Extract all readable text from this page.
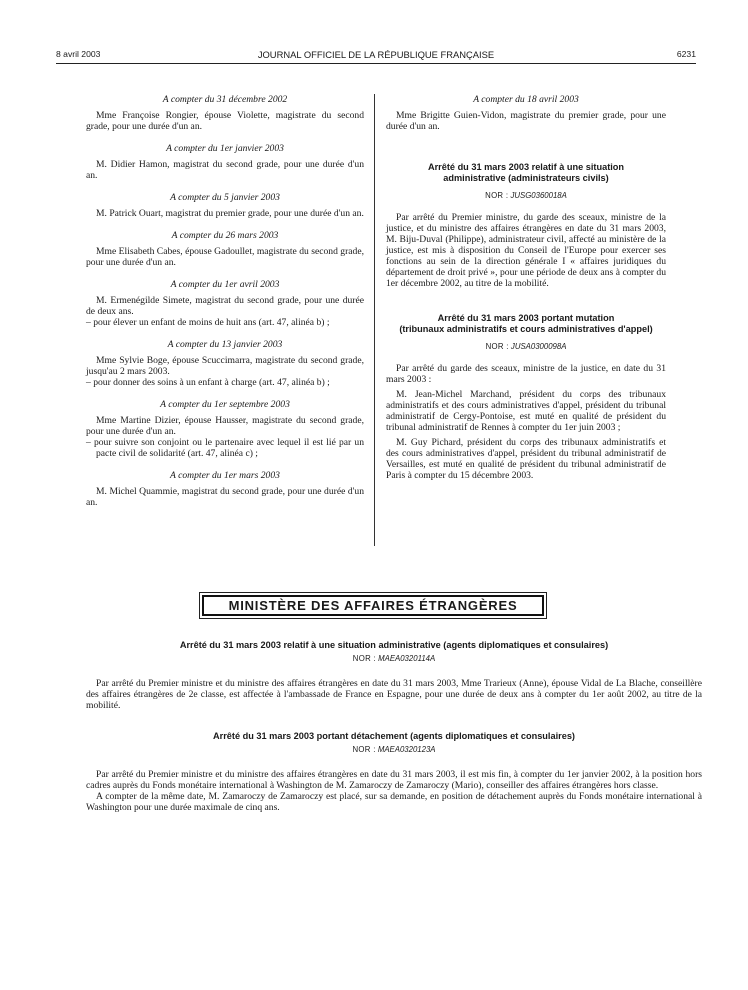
8 avril 2003	JOURNAL OFFICIEL DE LA RÉPUBLIQUE FRANÇAISE	6231

A compter du 31 décembre 2002

Mme Françoise Rongier, épouse Violette, magistrate du second grade, pour une durée d'un an.

A compter du 1er janvier 2003

M. Didier Hamon, magistrat du second grade, pour une durée d'un an.

A compter du 5 janvier 2003

M. Patrick Ouart, magistrat du premier grade, pour une durée d'un an.

A compter du 26 mars 2003

Mme Elisabeth Cabes, épouse Gadoullet, magistrate du second grade, pour une durée d'un an.

A compter du 1er avril 2003

M. Ermenégilde Simete, magistrat du second grade, pour une durée de deux ans.

– pour élever un enfant de moins de huit ans (art. 47, alinéa b) ;

A compter du 13 janvier 2003

Mme Sylvie Boge, épouse Scuccimarra, magistrate du second grade, jusqu'au 2 mars 2003.

– pour donner des soins à un enfant à charge (art. 47, alinéa b) ;

A compter du 1er septembre 2003

Mme Martine Dizier, épouse Hausser, magistrate du second grade, pour une durée d'un an.

– pour suivre son conjoint ou le partenaire avec lequel il est lié par un pacte civil de solidarité (art. 47, alinéa c) ;

A compter du 1er mars 2003

M. Michel Quammie, magistrat du second grade, pour une durée d'un an.

A compter du 18 avril 2003

Mme Brigitte Guien-Vidon, magistrate du premier grade, pour une durée d'un an.

Arrêté du 31 mars 2003 relatif à une situation

administrative (administrateurs civils)

NOR : JUSG0360018A

Par arrêté du Premier ministre, du garde des sceaux, ministre de la justice, et du ministre des affaires étrangères en date du 31 mars 2003, M. Biju-Duval (Philippe), administrateur civil, affecté au ministère de la justice, est mis à disposition du Conseil de l'Europe pour exercer ses fonctions au sein de la direction générale I « affaires juridiques du département de droit privé », pour une période de deux ans à compter du 1er décembre 2002, au titre de la mobilité.

Arrêté du 31 mars 2003 portant mutation

(tribunaux administratifs et cours administratives d'appel)

NOR : JUSA0300098A

Par arrêté du garde des sceaux, ministre de la justice, en date du 31 mars 2003 :

M. Jean-Michel Marchand, président du corps des tribunaux administratifs et des cours administratives d'appel, président du tribunal administratif de Cergy-Pontoise, est muté en qualité de président du tribunal administratif de Rennes à compter du 1er juin 2003 ;

M. Guy Pichard, président du corps des tribunaux administratifs et des cours administratives d'appel, président du tribunal administratif de Versailles, est muté en qualité de président du tribunal administratif de Paris à compter du 15 décembre 2003.

MINISTÈRE DES AFFAIRES ÉTRANGÈRES

Arrêté du 31 mars 2003 relatif à une situation administrative (agents diplomatiques et consulaires)

NOR : MAEA0320114A

Par arrêté du Premier ministre et du ministre des affaires étrangères en date du 31 mars 2003, Mme Trarieux (Anne), épouse Vidal de La Blache, conseillère des affaires étrangères de 2e classe, est affectée à l'ambassade de France en Espagne, pour une durée de deux ans à compter du 1er août 2002, au titre de la mobilité.

Arrêté du 31 mars 2003 portant détachement (agents diplomatiques et consulaires)

NOR : MAEA0320123A

Par arrêté du Premier ministre et du ministre des affaires étrangères en date du 31 mars 2003, il est mis fin, à compter du 1er janvier 2002, à la position hors cadres auprès du Fonds monétaire international à Washington de M. Zamaroczy de Zamaroczy (Mario), conseiller des affaires étrangères hors classe.

A compter de la même date, M. Zamaroczy de Zamaroczy est placé, sur sa demande, en position de détachement auprès du Fonds monétaire international à Washington pour une durée maximale de cinq ans.
